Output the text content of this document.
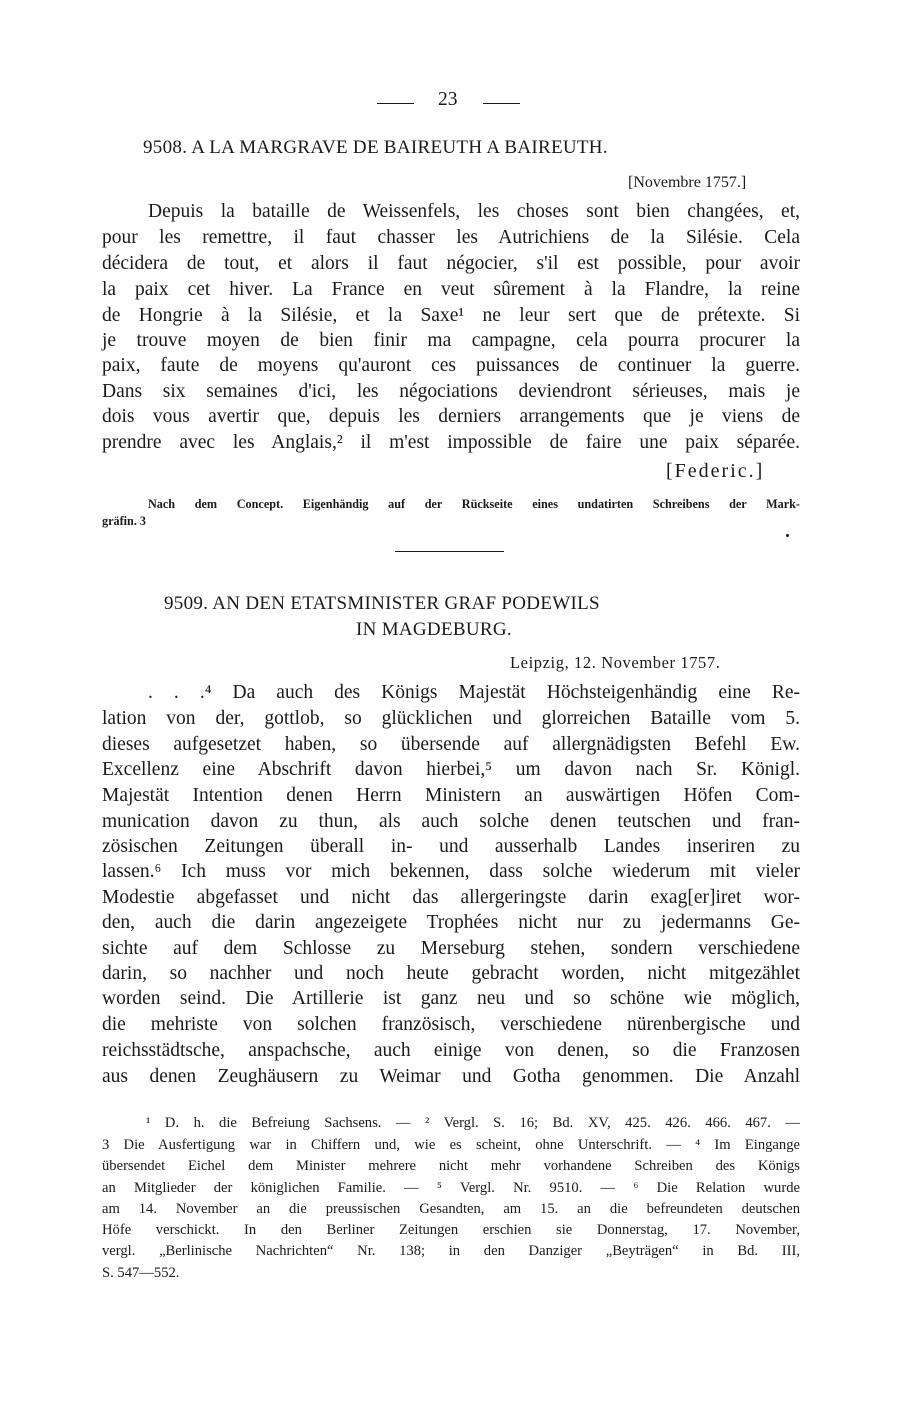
23
9508. A LA MARGRAVE DE BAIREUTH A BAIREUTH.
[Novembre 1757.]
Depuis la bataille de Weissenfels, les choses sont bien changées, et,
pour les remettre, il faut chasser les Autrichiens de la Silésie. Cela
décidera de tout, et alors il faut négocier, s'il est possible, pour avoir
la paix cet hiver. La France en veut sûrement à la Flandre, la reine
de Hongrie à la Silésie, et la Saxe¹ ne leur sert que de prétexte. Si
je trouve moyen de bien finir ma campagne, cela pourra procurer la
paix, faute de moyens qu'auront ces puissances de continuer la guerre.
Dans six semaines d'ici, les négociations deviendront sérieuses, mais je
dois vous avertir que, depuis les derniers arrangements que je viens de
prendre avec les Anglais,² il m'est impossible de faire une paix séparée.
[Federic.]
Nach dem Concept. Eigenhändig auf der Rückseite eines undatirten Schreibens der Mark-
gräfin. 3
9509. AN DEN ETATSMINISTER GRAF PODEWILS
IN MAGDEBURG.
Leipzig, 12. November 1757.
. . .⁴ Da auch des Königs Majestät Höchsteigenhändig eine Re-
lation von der, gottlob, so glücklichen und glorreichen Bataille vom 5.
dieses aufgesetzet haben, so übersende auf allergnädigsten Befehl Ew.
Excellenz eine Abschrift davon hierbei,⁵ um davon nach Sr. Königl.
Majestät Intention denen Herrn Ministern an auswärtigen Höfen Com-
munication davon zu thun, als auch solche denen teutschen und fran-
zösischen Zeitungen überall in- und ausserhalb Landes inseriren zu
lassen.⁶ Ich muss vor mich bekennen, dass solche wiederum mit vieler
Modestie abgefasset und nicht das allergeringste darin exag[er]iret wor-
den, auch die darin angezeigete Trophées nicht nur zu jedermanns Ge-
sichte auf dem Schlosse zu Merseburg stehen, sondern verschiedene
darin, so nachher und noch heute gebracht worden, nicht mitgezählet
worden seind. Die Artillerie ist ganz neu und so schöne wie möglich,
die mehriste von solchen französisch, verschiedene nürenbergische und
reichsstädtsche, anspachsche, auch einige von denen, so die Franzosen
aus denen Zeughäusern zu Weimar und Gotha genommen. Die Anzahl
¹ D. h. die Befreiung Sachsens. — ² Vergl. S. 16; Bd. XV, 425. 426. 466. 467. —
3 Die Ausfertigung war in Chiffern und, wie es scheint, ohne Unterschrift. — ⁴ Im Eingange
übersendet Eichel dem Minister mehrere nicht mehr vorhandene Schreiben des Königs
an Mitglieder der königlichen Familie. — ⁵ Vergl. Nr. 9510. — ⁶ Die Relation wurde
am 14. November an die preussischen Gesandten, am 15. an die befreundeten deutschen
Höfe verschickt. In den Berliner Zeitungen erschien sie Donnerstag, 17. November,
vergl. „Berlinische Nachrichten“ Nr. 138; in den Danziger „Beyträgen“ in Bd. III,
S. 547—552.
